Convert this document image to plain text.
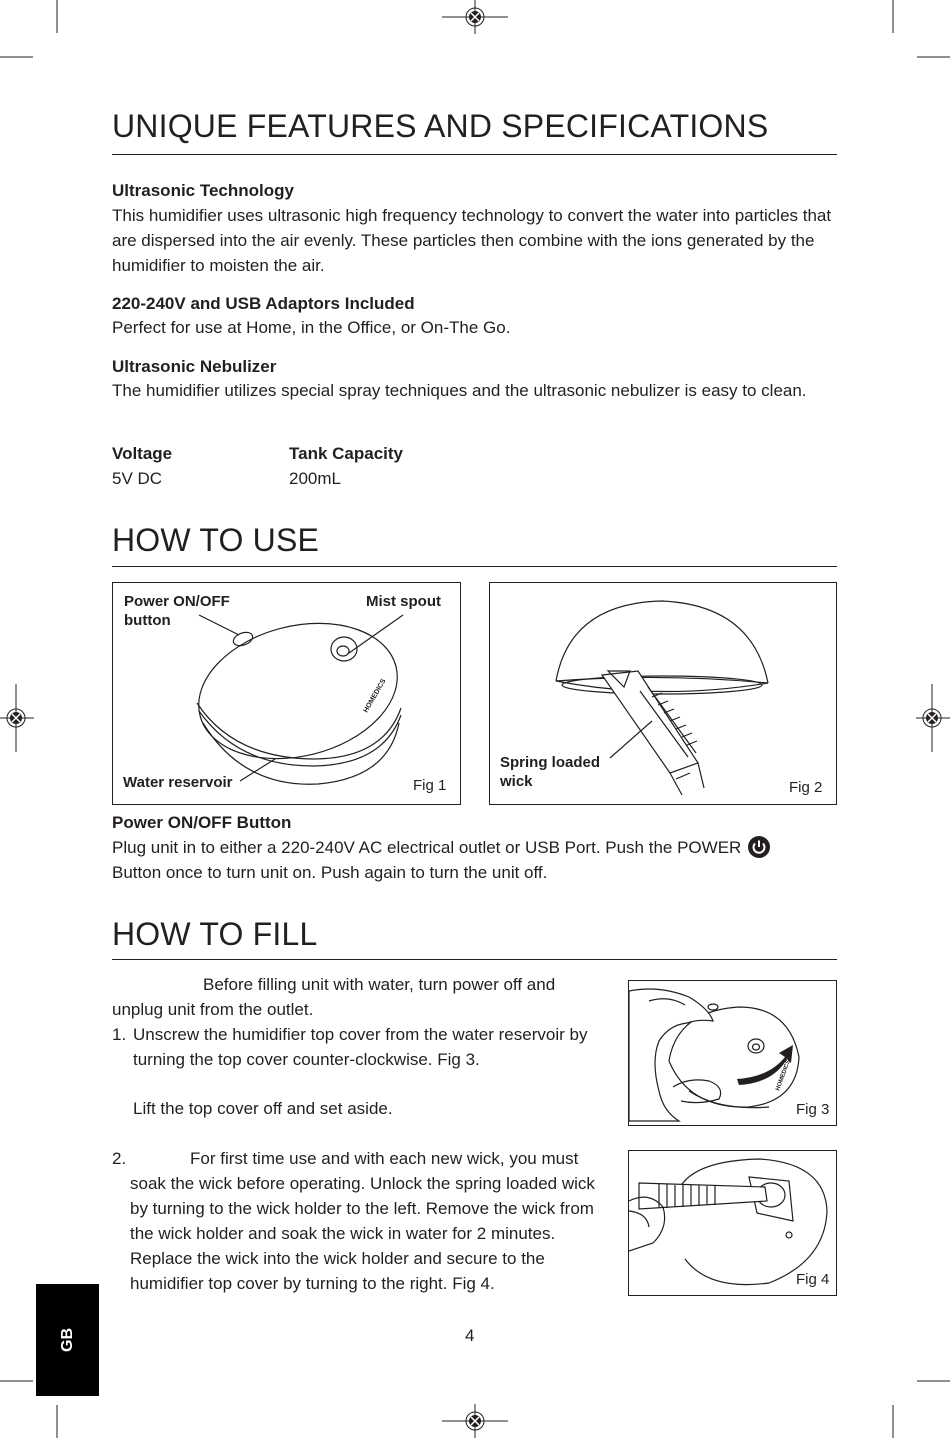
UNIQUE FEATURES AND SPECIFICATIONS

Ultrasonic Technology

This humidifier uses ultrasonic high frequency technology to convert the water into particles that are dispersed into the air evenly. These particles then combine with the ions generated by the humidifier to moisten the air.

220-240V and USB Adaptors Included

Perfect for use at Home, in the Office, or On-The Go.

Ultrasonic Nebulizer

The humidifier utilizes special spray techniques and the ultrasonic nebulizer is easy to clean.

Voltage	Tank Capacity

5V DC	200mL

HOW TO USE
HOMEDICS
Power ON/OFF button
Mist spout
Water reservoir	Fig 1
Spring loaded wick	Fig 2

Power ON/OFF Button

Plug unit in to either a 220-240V AC electrical outlet or USB Port. Push the POWER
Button once to turn unit on. Push again to turn the unit off.

HOW TO FILL

Before filling unit with water, turn power off and

unplug unit from the outlet.

1. Unscrew the humidifier top cover from the water reservoir by turning the top cover counter-clockwise. Fig 3.

Lift the top cover off and set aside.

2.	For first time use and with each new wick, you must

soak the wick before operating. Unlock the spring loaded wick by turning to the wick holder to the left. Remove the wick from the wick holder and soak the wick in water for 2 minutes. Replace the wick into the wick holder and secure to the humidifier top cover by turning to the right. Fig 4.

HOMEDICS
Fig 3
Fig 4
GB	4
